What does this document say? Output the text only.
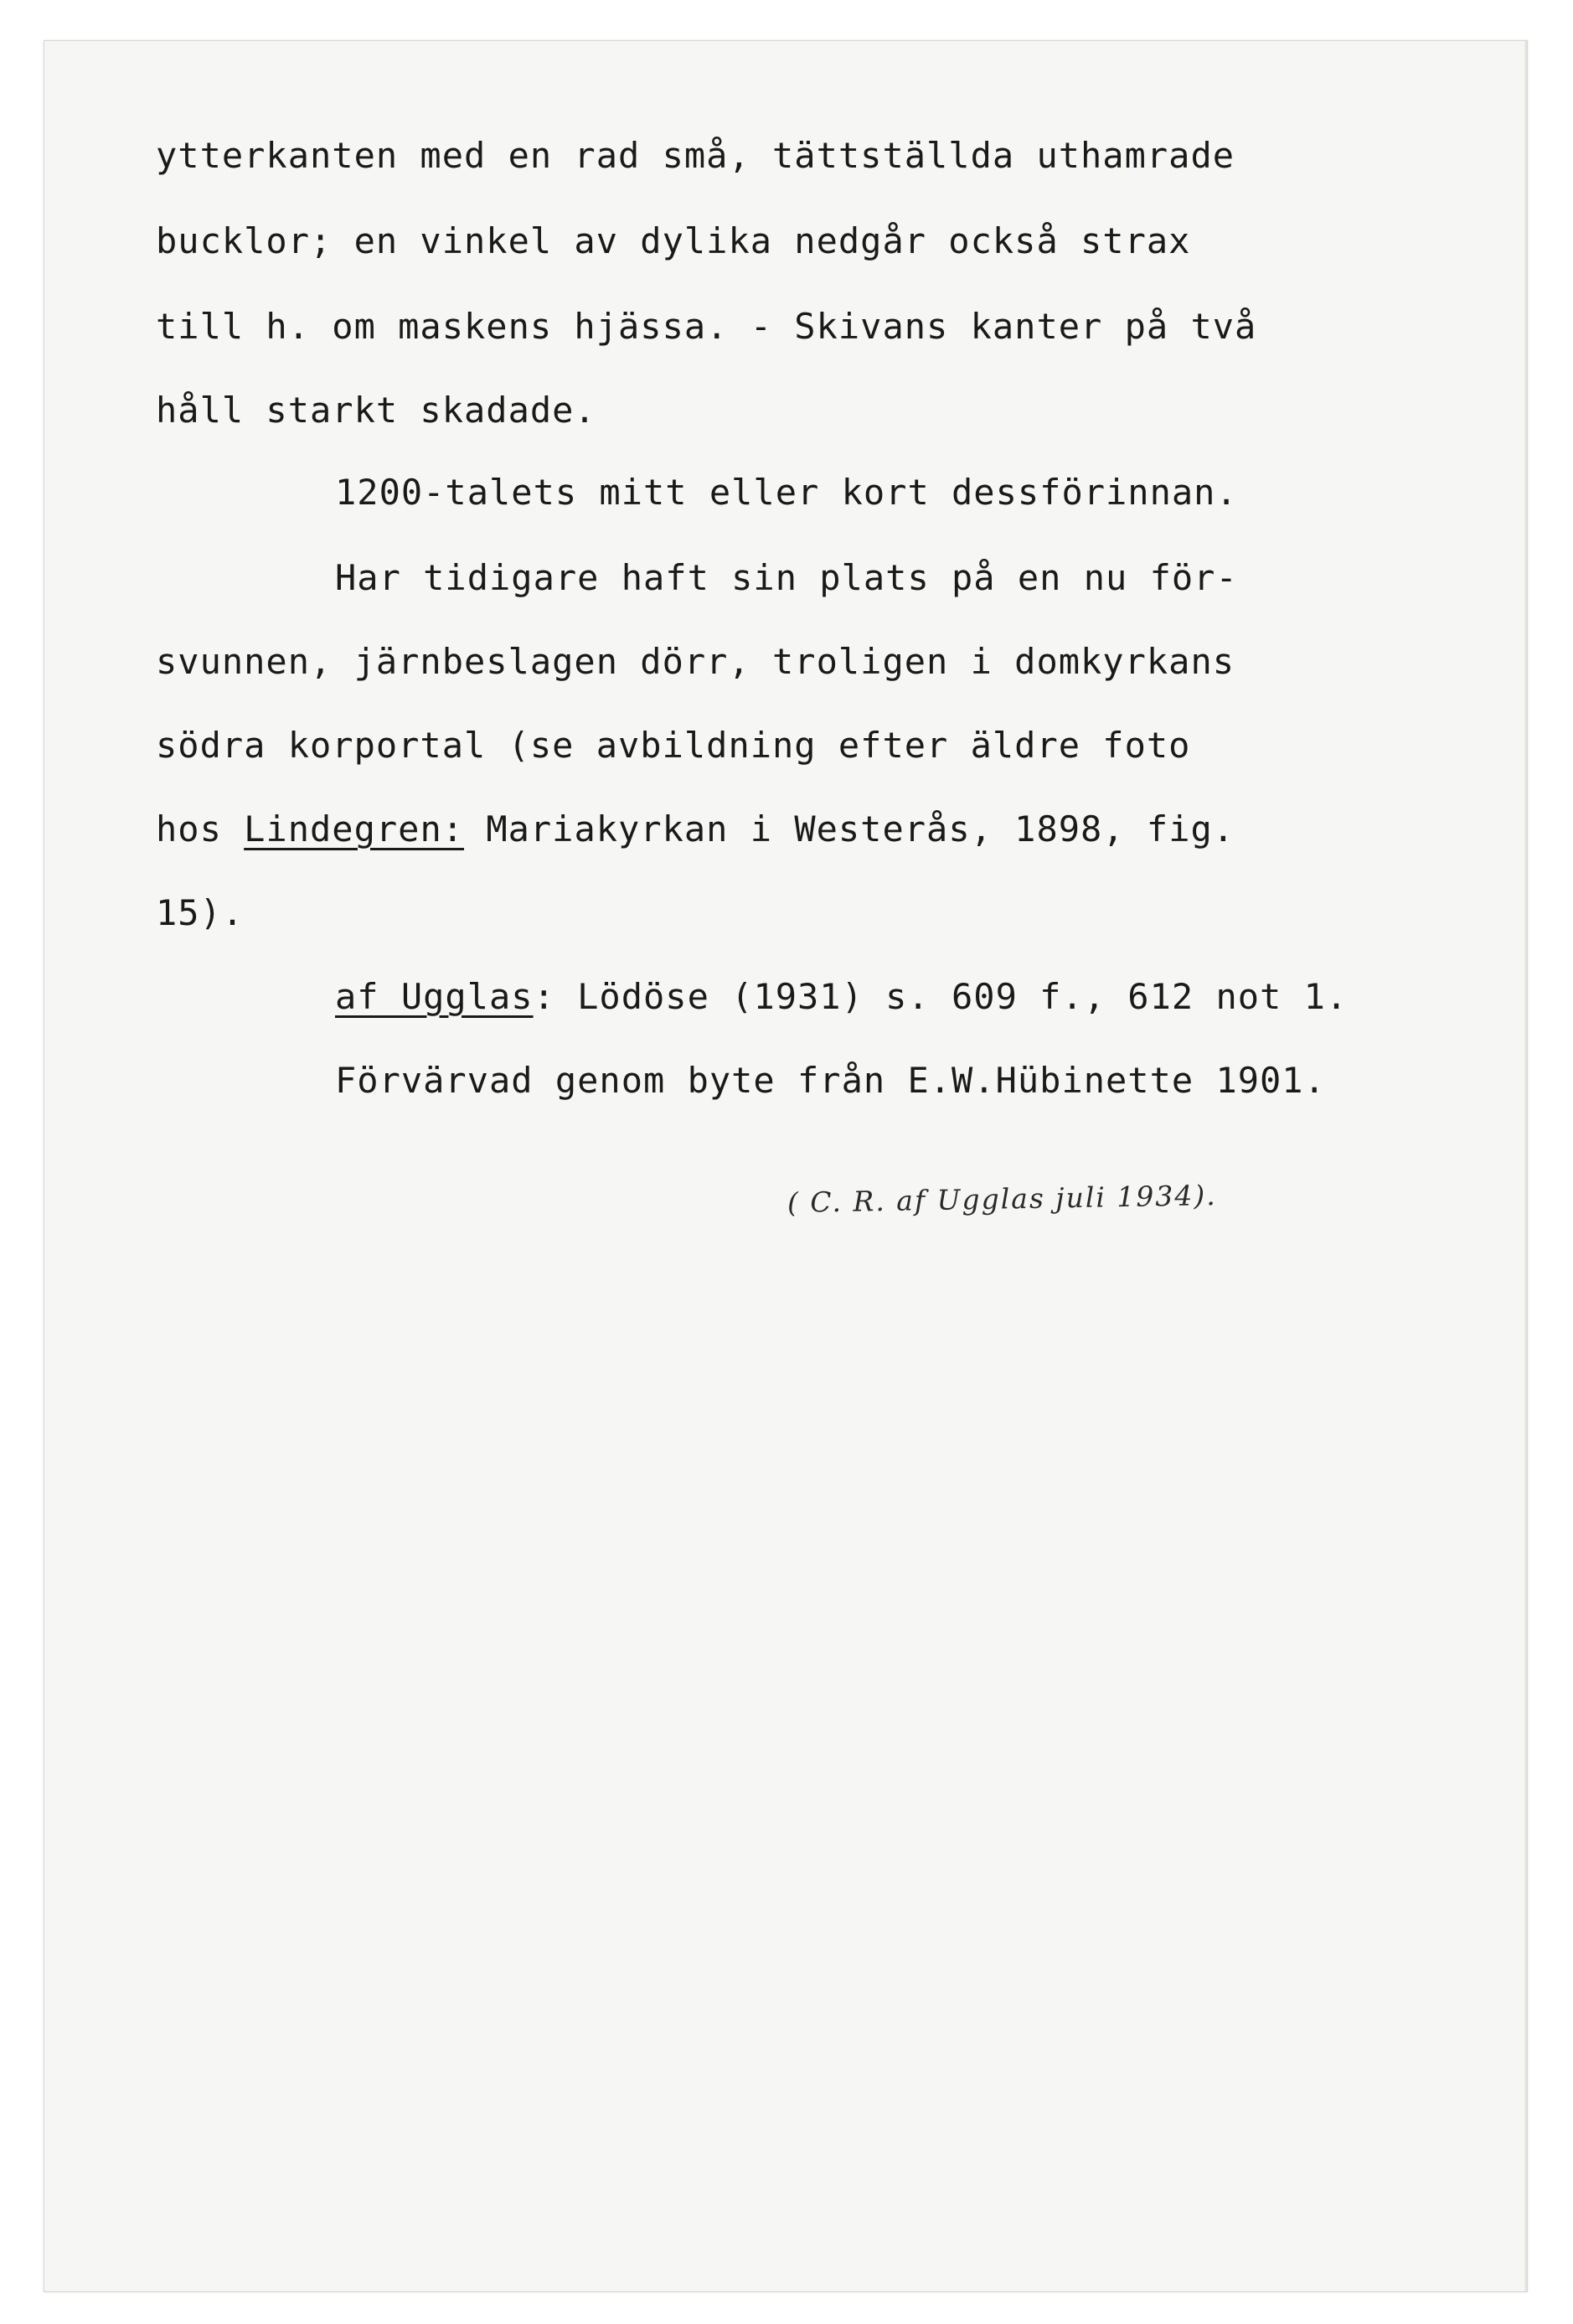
ytterkanten med en rad små, tättställda uthamrade
bucklor; en vinkel av dylika nedgår också strax
till h. om maskens hjässa. - Skivans kanter på två
håll starkt skadade.
1200-talets mitt eller kort dessförinnan.
Har tidigare haft sin plats på en nu för-
svunnen, järnbeslagen dörr, troligen i domkyrkans
södra korportal (se avbildning efter äldre foto
hos Lindegren: Mariakyrkan i Westerås, 1898, fig.
15).
af Ugglas: Lödöse (1931) s. 609 f., 612 not 1.
Förvärvad genom byte från E.W.Hübinette 1901.
( C. R. af Ugglas juli 1934).
